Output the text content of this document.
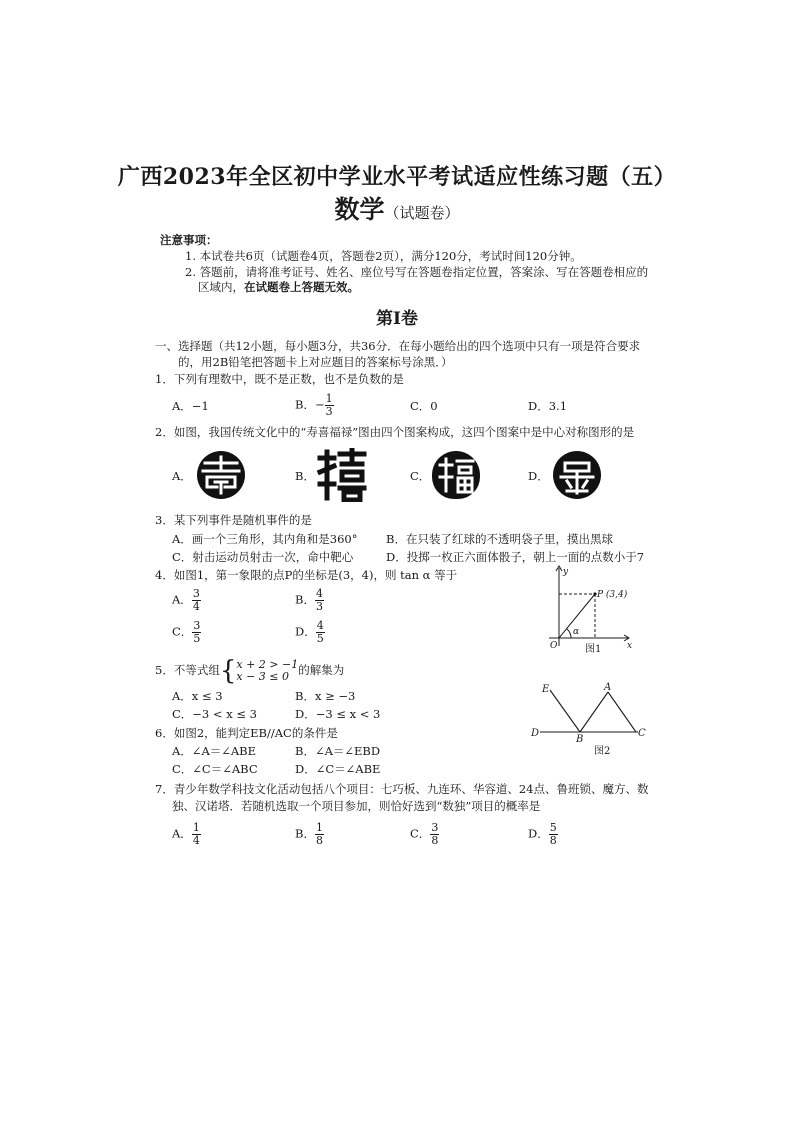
广西2023年全区初中学业水平考试适应性练习题（五）
数学（试题卷）
注意事项：
1. 本试卷共6页（试题卷4页，答题卷2页），满分120分，考试时间120分钟。
2. 答题前，请将准考证号、姓名、座位号写在答题卷指定位置，答案涂、写在答题卷相应的
区域内，在试题卷上答题无效。
第Ⅰ卷
一、选择题（共12小题，每小题3分，共36分．在每小题给出的四个选项中只有一项是符合要求
的，用2B铅笔把答题卡上对应题目的答案标号涂黑．）
1．下列有理数中，既不是正数，也不是负数的是
A．−1	B．− $\frac{1}{3}$	C．0	D．3.1
2．如图，我国传统文化中的“寿喜福禄”图由四个图案构成，这四个图案中是中心对称图形的是
A．	B．	C．	D．
3．某下列事件是随机事件的是
A．画一个三角形，其内角和是360° B．在只装了红球的不透明袋子里，摸出黑球
C．射击运动员射击一次，命中靶心	D．投掷一枚正六面体骰子，朝上一面的点数小于7
4．如图1，第一象限的点P的坐标是(3，4)，则 tan α 等于
A． $\frac{3}{4}$	B． $\frac{4}{3}$
C． $\frac{3}{5}$	D． $\frac{4}{5}$
y
x
O
P (3,4)
α
图1
5．不等式组{ x + 2 > −1
x − 3 ≤ 0 的解集为
A．x ≤ 3	B．x ≥ −3
C．−3 < x ≤ 3	D．−3 ≤ x < 3
E	A
D
B
C
图2
6．如图2，能判定EB//AC的条件是
A．∠A＝∠ABE	B．∠A＝∠EBD
C．∠C＝∠ABC	D．∠C＝∠ABE
7．青少年数学科技文化活动包括八个项目：七巧板、九连环、华容道、24点、鲁班锁、魔方、数
独、汉诺塔．若随机选取一个项目参加，则恰好选到“数独”项目的概率是
A． $\frac{1}{4}$	B． $\frac{1}{8}$	C． $\frac{3}{8}$	D． $\frac{5}{8}$
